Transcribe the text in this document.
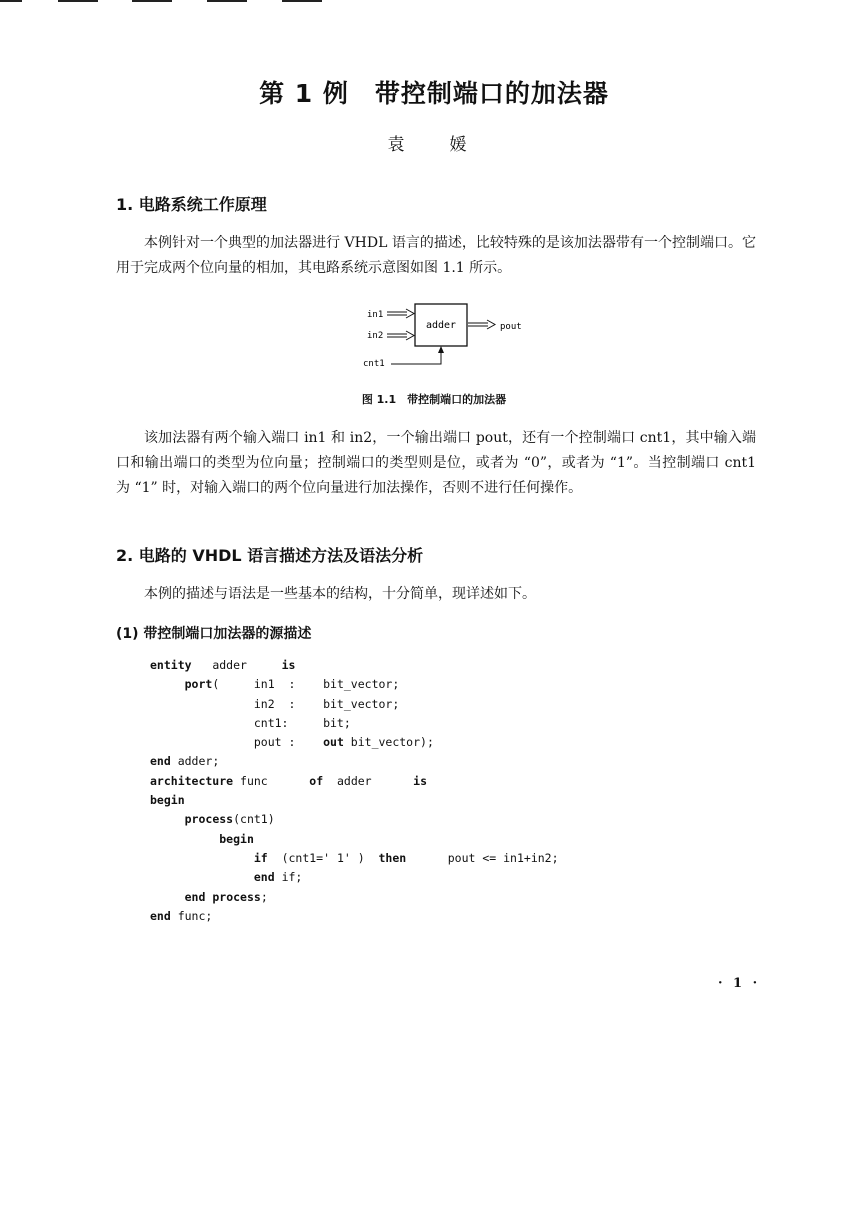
第 1 例　带控制端口的加法器
袁　媛
1. 电路系统工作原理
本例针对一个典型的加法器进行 VHDL 语言的描述，比较特殊的是该加法器带有一个控制端口。它用于完成两个位向量的相加，其电路系统示意图如图 1.1 所示。
adder
in1
in2
cnt1
pout
图 1.1　带控制端口的加法器
该加法器有两个输入端口 in1 和 in2，一个输出端口 pout，还有一个控制端口 cnt1，其中输入端口和输出端口的类型为位向量；控制端口的类型则是位，或者为 “0”，或者为 “1”。当控制端口 cnt1 为 “1” 时，对输入端口的两个位向量进行加法操作，否则不进行任何操作。
2. 电路的 VHDL 语言描述方法及语法分析
本例的描述与语法是一些基本的结构，十分简单，现详述如下。
(1) 带控制端口加法器的源描述
entity   adder     is
port(     in1  :    bit_vector;
in2  :    bit_vector;
cnt1:     bit;
pout :    out bit_vector);
end adder;
architecture func      of  adder      is
begin
process(cnt1)
begin
if  (cnt1=' 1' )  then      pout <= in1+in2;
end if;
end process;
end func;
· 1 ·
